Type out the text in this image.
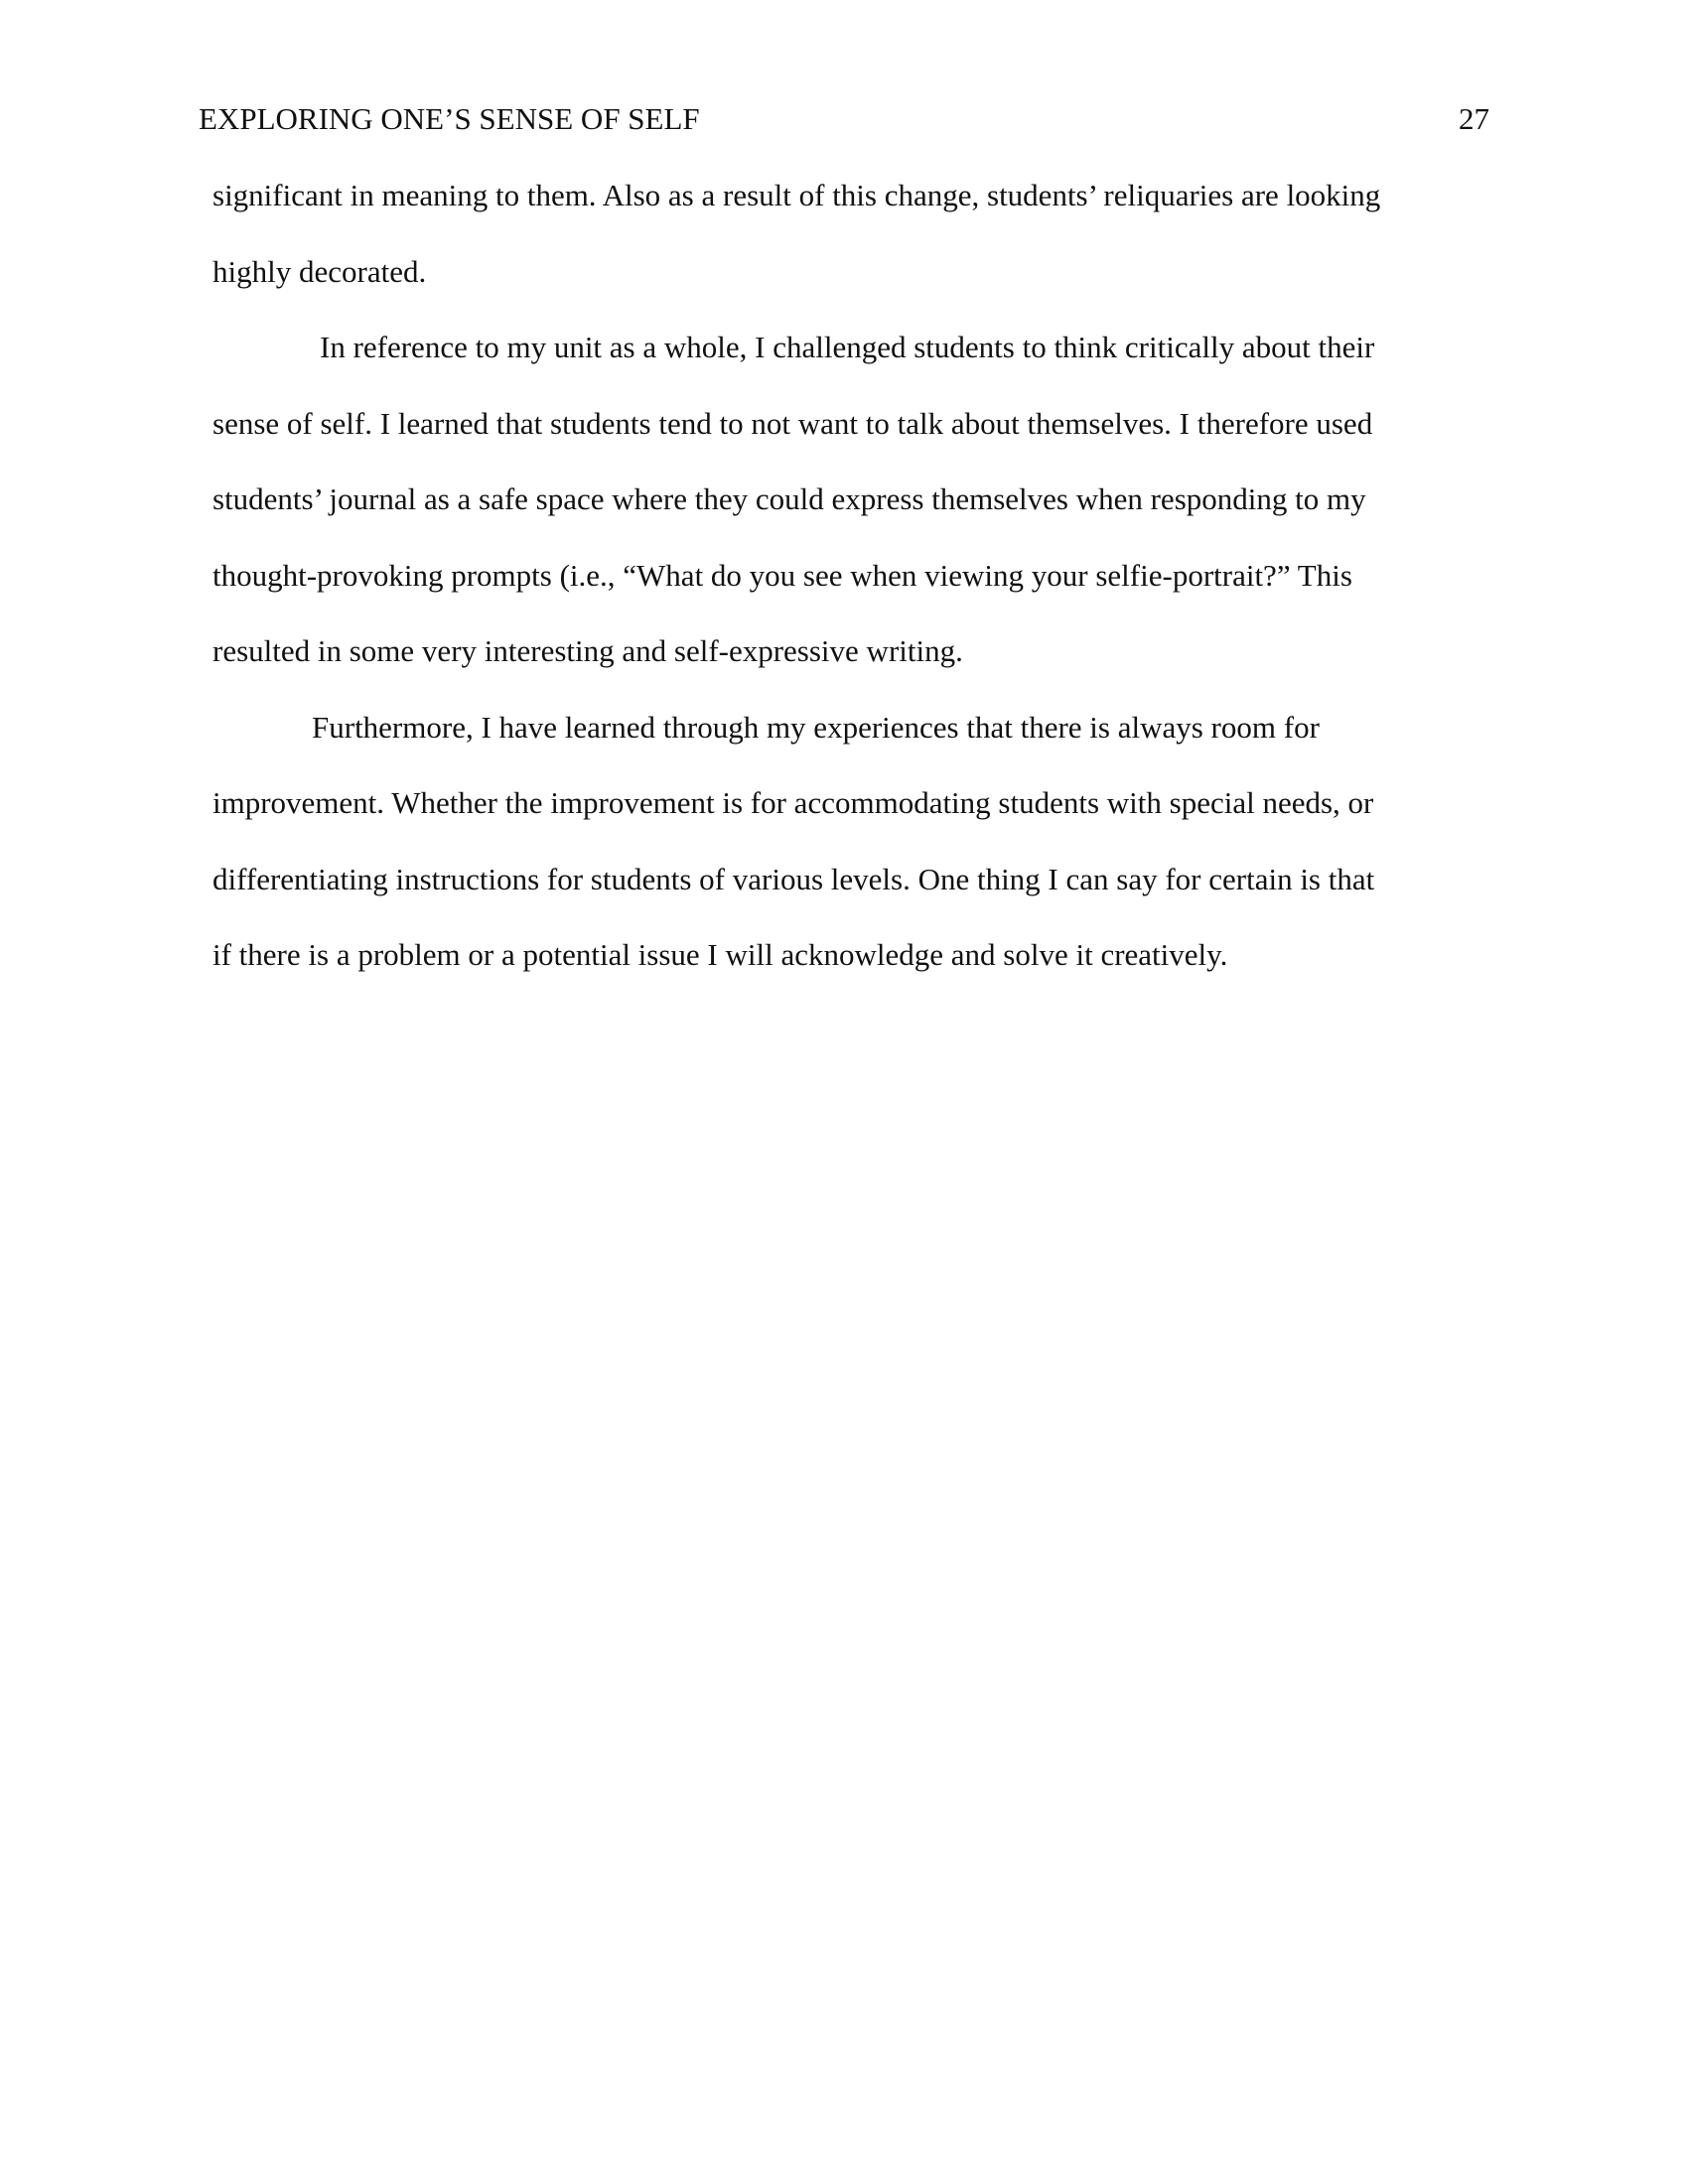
EXPLORING ONE’S SENSE OF SELF	27
significant in meaning to them. Also as a result of this change, students’ reliquaries are looking
highly decorated.
In reference to my unit as a whole, I challenged students to think critically about their
sense of self. I learned that students tend to not want to talk about themselves. I therefore used
students’ journal as a safe space where they could express themselves when responding to my
thought-provoking prompts (i.e., “What do you see when viewing your selfie-portrait?” This
resulted in some very interesting and self-expressive writing.
Furthermore, I have learned through my experiences that there is always room for
improvement. Whether the improvement is for accommodating students with special needs, or
differentiating instructions for students of various levels. One thing I can say for certain is that
if there is a problem or a potential issue I will acknowledge and solve it creatively.
